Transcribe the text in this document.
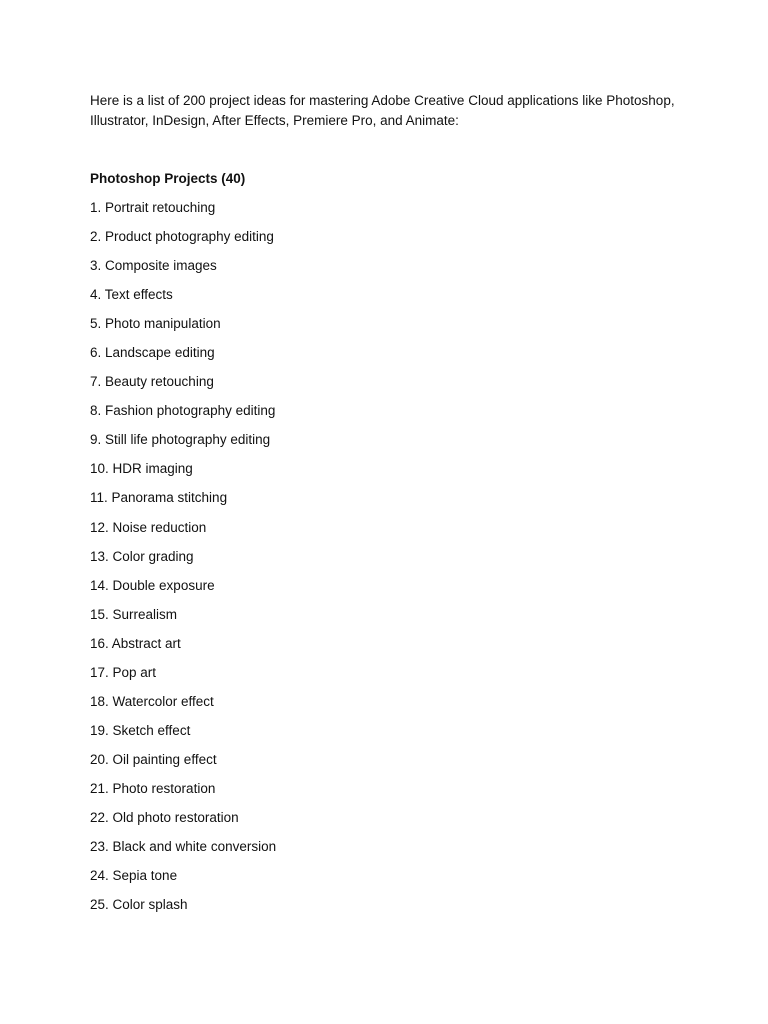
Here is a list of 200 project ideas for mastering Adobe Creative Cloud applications like Photoshop, Illustrator, InDesign, After Effects, Premiere Pro, and Animate:

Photoshop Projects (40)
1. Portrait retouching
2. Product photography editing
3. Composite images
4. Text effects
5. Photo manipulation
6. Landscape editing
7. Beauty retouching
8. Fashion photography editing
9. Still life photography editing
10. HDR imaging
11. Panorama stitching
12. Noise reduction
13. Color grading
14. Double exposure
15. Surrealism
16. Abstract art
17. Pop art
18. Watercolor effect
19. Sketch effect
20. Oil painting effect
21. Photo restoration
22. Old photo restoration
23. Black and white conversion
24. Sepia tone
25. Color splash
